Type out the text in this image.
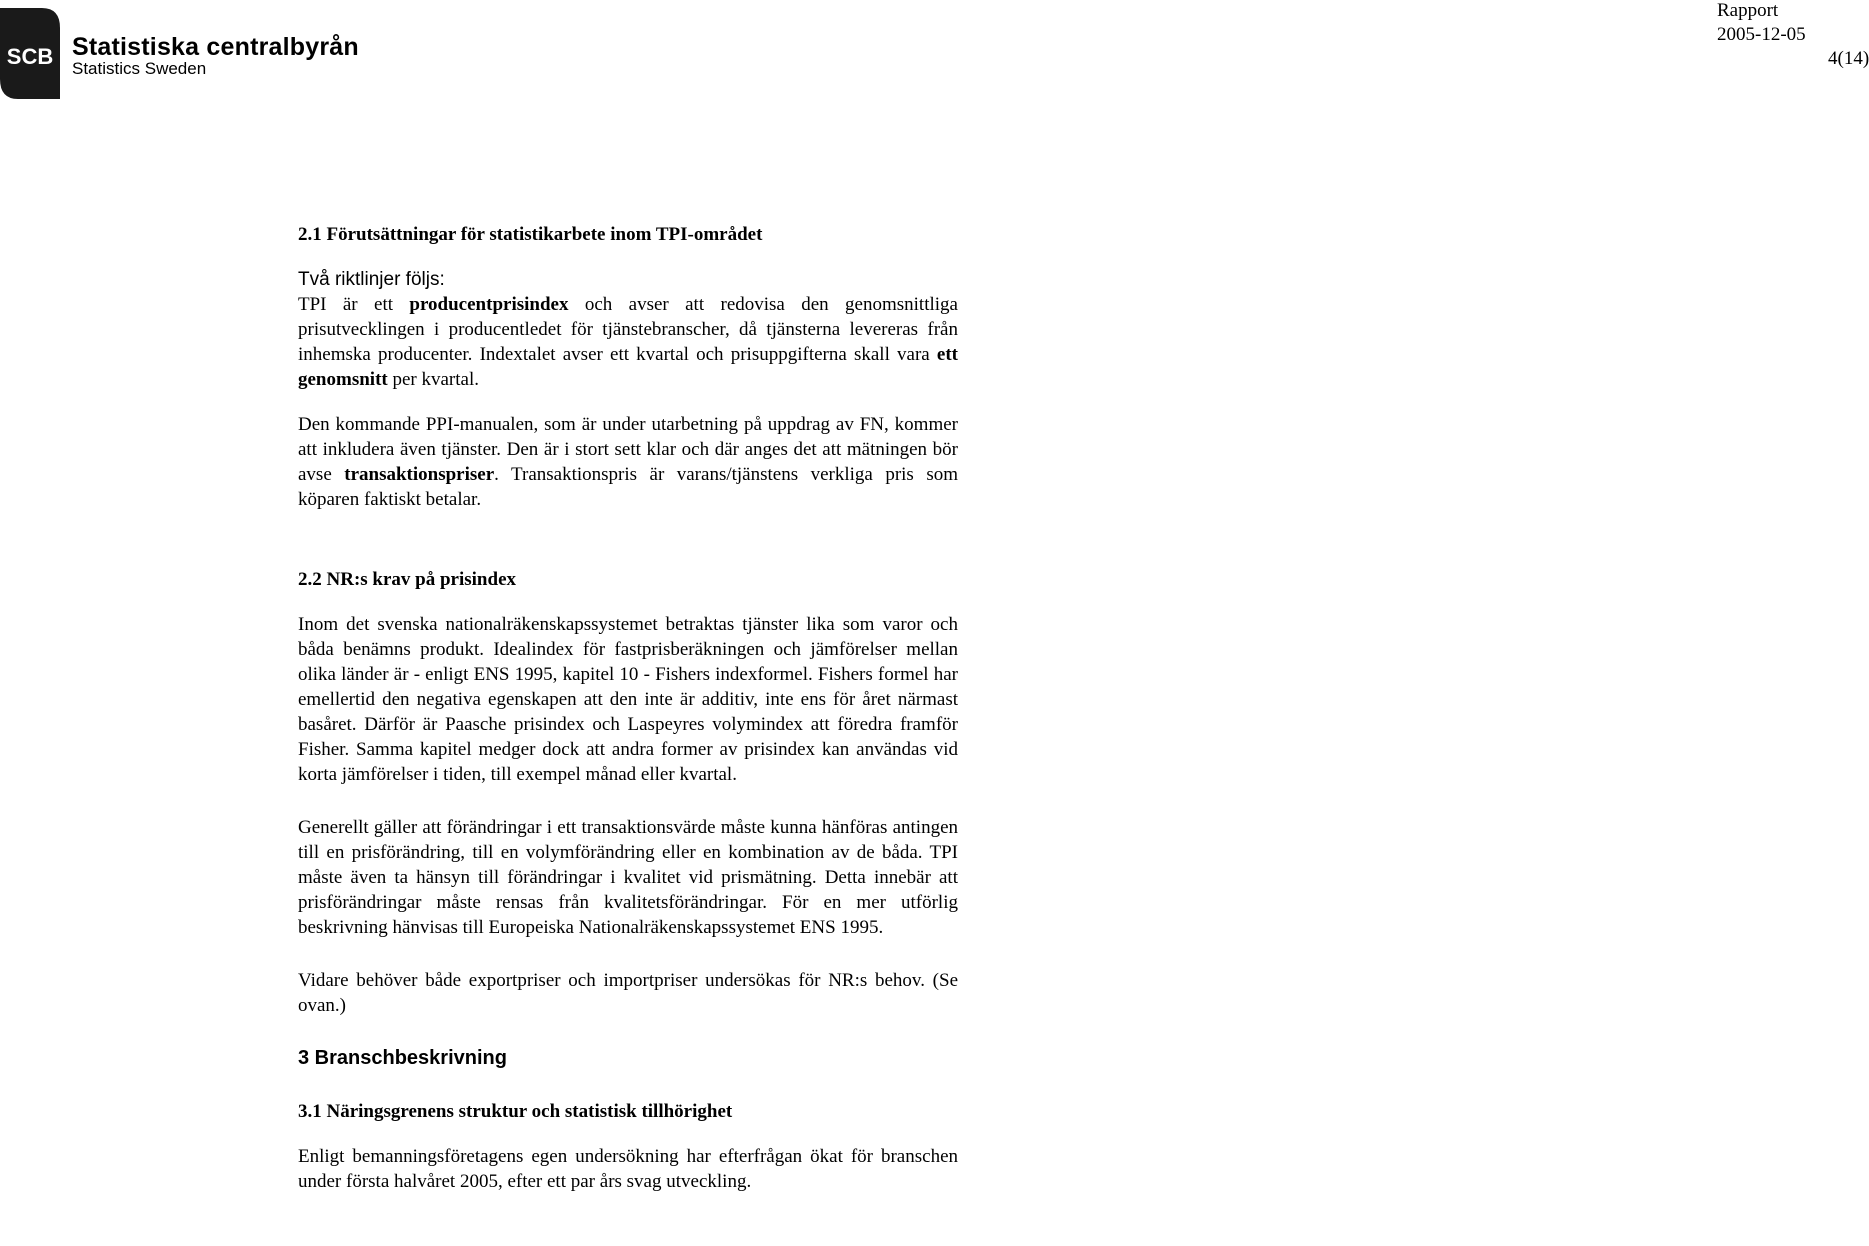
SCB Statistiska centralbyrån
Statistics Sweden
Rapport
2005-12-05
4(14)

2.1 Förutsättningar för statistikarbete inom TPI-området

Två riktlinjer följs:

TPI är ett producentprisindex och avser att redovisa den genomsnittliga prisutvecklingen i producentledet för tjänstebranscher, då tjänsterna levereras från inhemska producenter. Indextalet avser ett kvartal och prisuppgifterna skall vara ett genomsnitt per kvartal.

Den kommande PPI-manualen, som är under utarbetning på uppdrag av FN, kommer att inkludera även tjänster. Den är i stort sett klar och där anges det att mätningen bör avse transaktionspriser. Transaktionspris är varans/tjänstens verkliga pris som köparen faktiskt betalar.

2.2 NR:s krav på prisindex

Inom det svenska nationalräkenskapssystemet betraktas tjänster lika som varor och båda benämns produkt. Idealindex för fastprisberäkningen och jämförelser mellan olika länder är - enligt ENS 1995, kapitel 10 - Fishers indexformel. Fishers formel har emellertid den negativa egenskapen att den inte är additiv, inte ens för året närmast basåret. Därför är Paasche prisindex och Laspeyres volymindex att föredra framför Fisher. Samma kapitel medger dock att andra former av prisindex kan användas vid korta jämförelser i tiden, till exempel månad eller kvartal.

Generellt gäller att förändringar i ett transaktionsvärde måste kunna hänföras antingen till en prisförändring, till en volymförändring eller en kombination av de båda. TPI måste även ta hänsyn till förändringar i kvalitet vid prismätning. Detta innebär att prisförändringar måste rensas från kvalitetsförändringar. För en mer utförlig beskrivning hänvisas till Europeiska Nationalräkenskapssystemet ENS 1995.

Vidare behöver både exportpriser och importpriser undersökas för NR:s behov. (Se ovan.)

3 Branschbeskrivning

3.1 Näringsgrenens struktur och statistisk tillhörighet

Enligt bemanningsföretagens egen undersökning har efterfrågan ökat för branschen under första halvåret 2005, efter ett par års svag utveckling.
